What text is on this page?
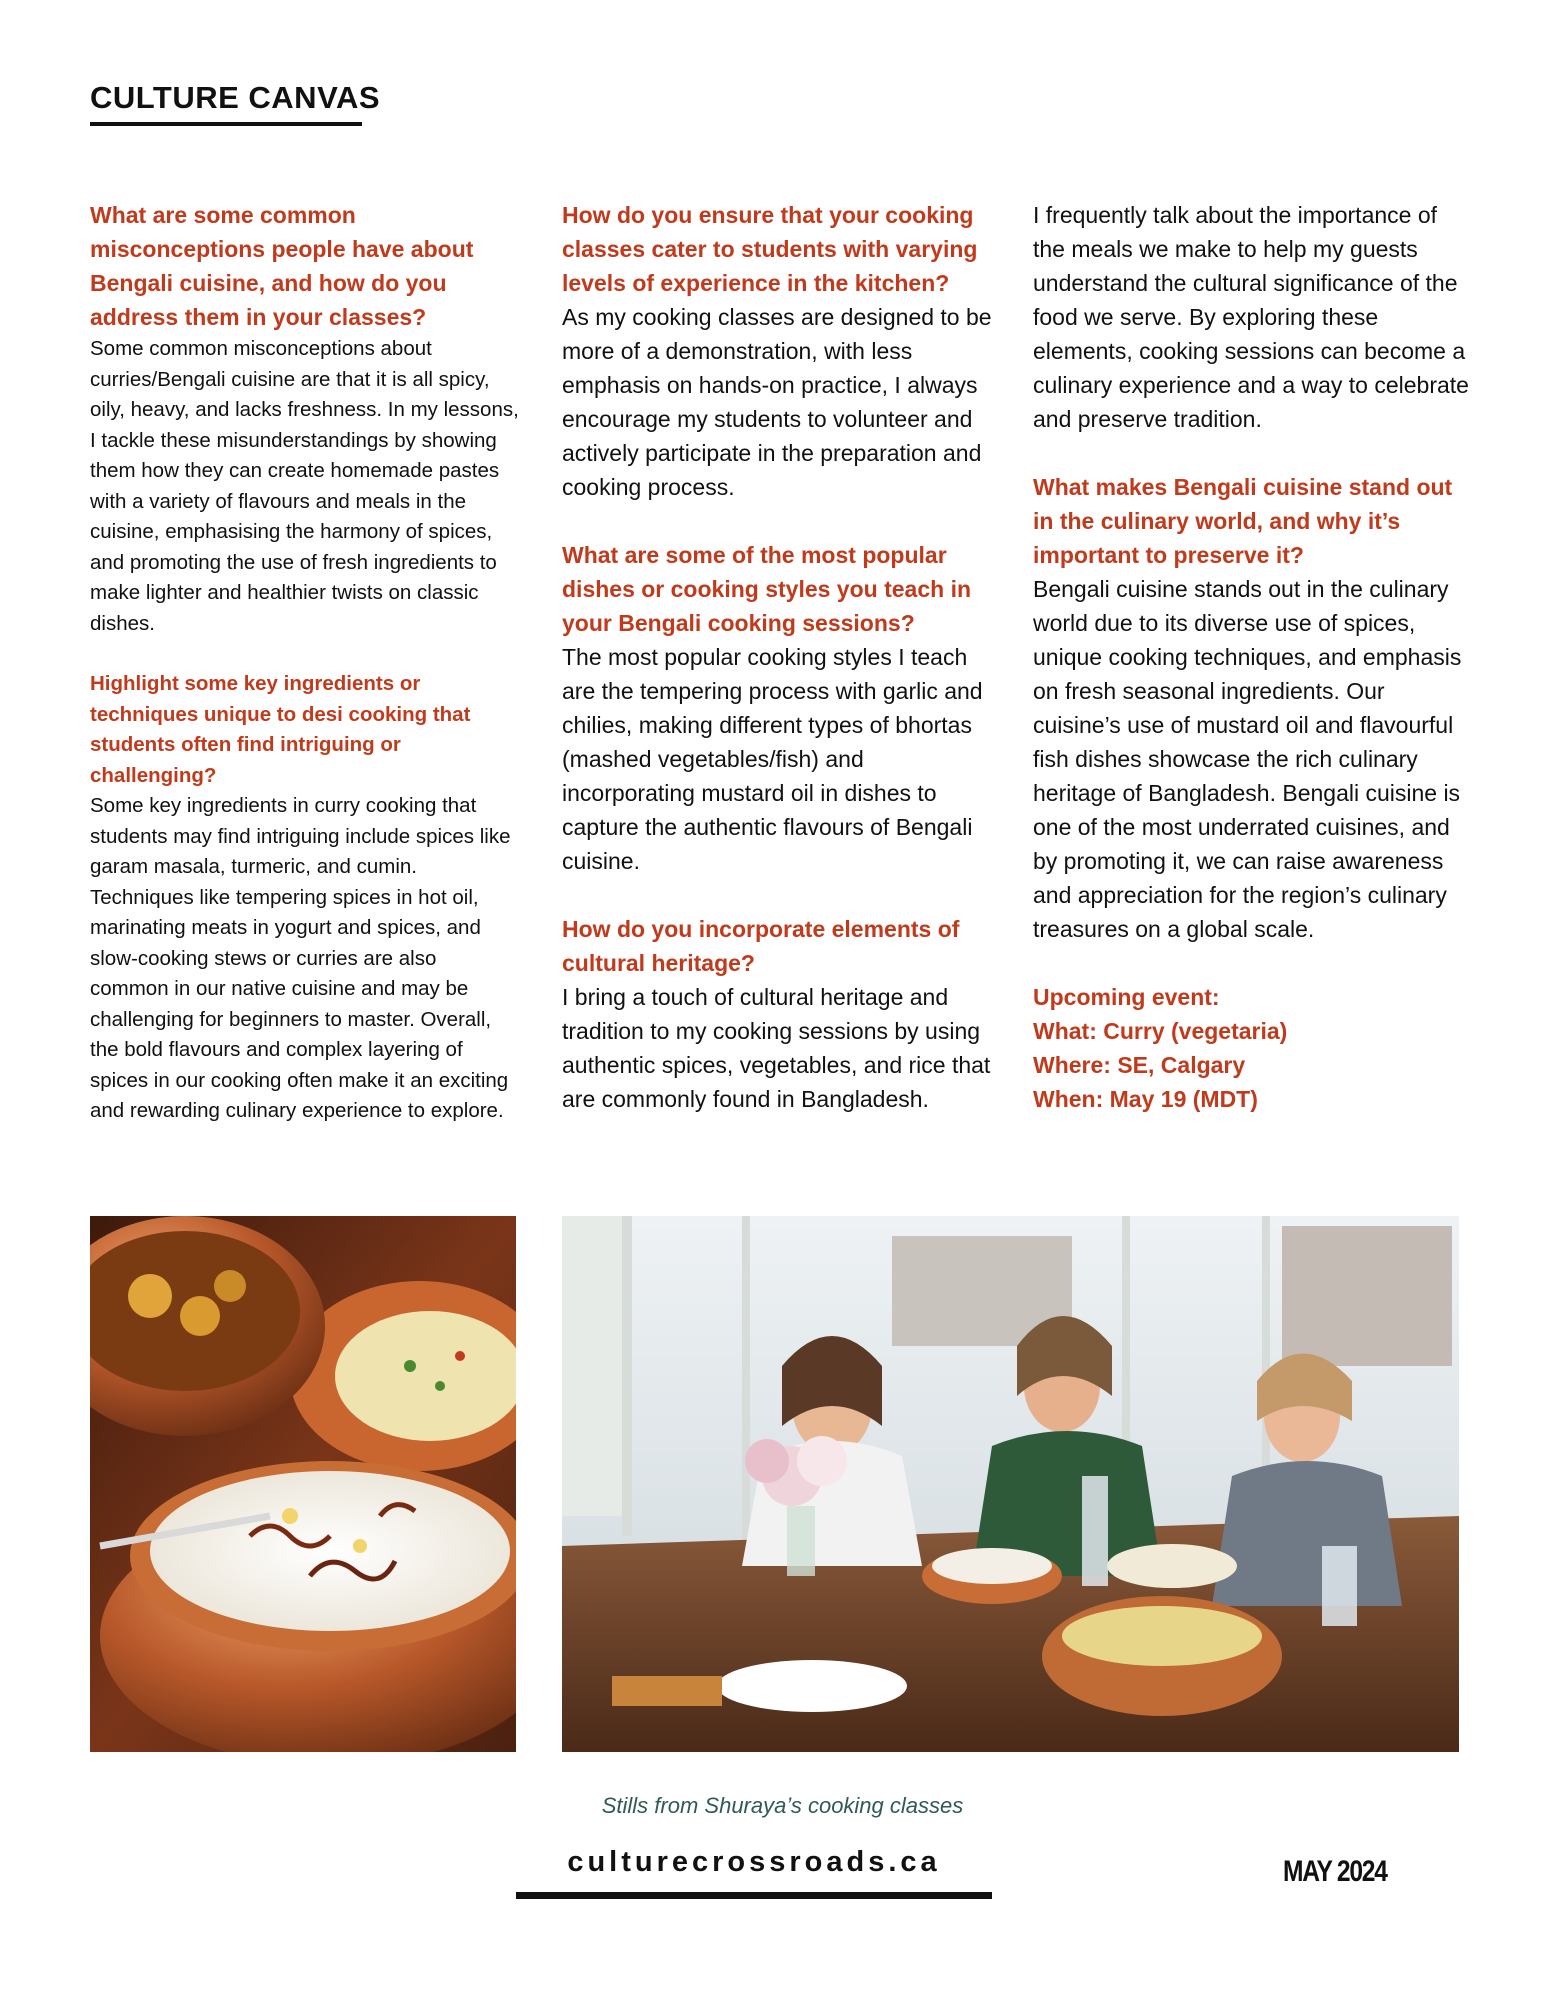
CULTURE CANVAS

What are some common misconceptions people have about Bengali cuisine, and how do you address them in your classes?

Some common misconceptions about curries/Bengali cuisine are that it is all spicy, oily, heavy, and lacks freshness. In my lessons, I tackle these misunderstandings by showing them how they can create homemade pastes with a variety of flavours and meals in the cuisine, emphasising the harmony of spices, and promoting the use of fresh ingredients to make lighter and healthier twists on classic dishes.

Highlight some key ingredients or techniques unique to desi cooking that students often find intriguing or challenging?

Some key ingredients in curry cooking that students may find intriguing include spices like garam masala, turmeric, and cumin. Techniques like tempering spices in hot oil, marinating meats in yogurt and spices, and slow-cooking stews or curries are also common in our native cuisine and may be challenging for beginners to master. Overall, the bold flavours and complex layering of spices in our cooking often make it an exciting and rewarding culinary experience to explore.

How do you ensure that your cooking classes cater to students with varying levels of experience in the kitchen?

As my cooking classes are designed to be more of a demonstration, with less emphasis on hands-on practice, I always encourage my students to volunteer and actively participate in the preparation and cooking process.

What are some of the most popular dishes or cooking styles you teach in your Bengali cooking sessions?

The most popular cooking styles I teach are the tempering process with garlic and chilies, making different types of bhortas (mashed vegetables/fish) and incorporating mustard oil in dishes to capture the authentic flavours of Bengali cuisine.

How do you incorporate elements of cultural heritage?

I bring a touch of cultural heritage and tradition to my cooking sessions by using authentic spices, vegetables, and rice that are commonly found in Bangladesh.

I frequently talk about the importance of the meals we make to help my guests understand the cultural significance of the food we serve. By exploring these elements, cooking sessions can become a culinary experience and a way to celebrate and preserve tradition.

What makes Bengali cuisine stand out in the culinary world, and why it’s important to preserve it?

Bengali cuisine stands out in the culinary world due to its diverse use of spices, unique cooking techniques, and emphasis on fresh seasonal ingredients. Our cuisine’s use of mustard oil and flavourful fish dishes showcase the rich culinary heritage of Bangladesh. Bengali cuisine is one of the most underrated cuisines, and by promoting it, we can raise awareness and appreciation for the region’s culinary treasures on a global scale.

Upcoming event:

What: Curry (vegetaria)

Where: SE, Calgary

When: May 19 (MDT)

Stills from Shuraya’s cooking classes
culturecrossroads.ca	MAY 2024
